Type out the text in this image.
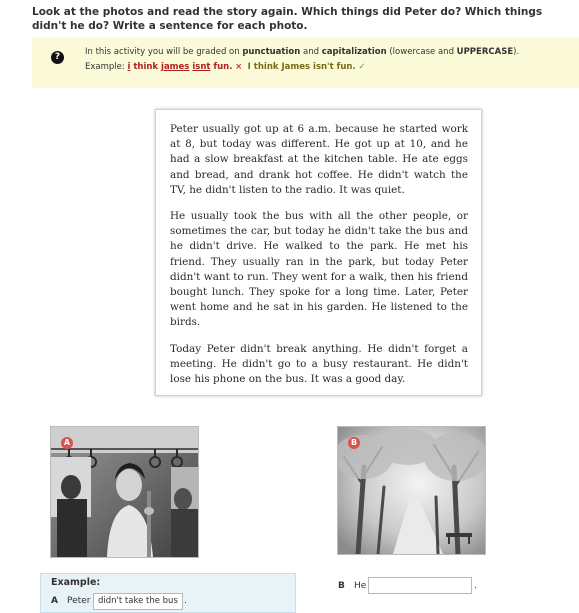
Look at the photos and read the story again. Which things did Peter do? Which things didn't he do? Write a sentence for each photo.
?	In this activity you will be graded on punctuation and capitalization (lowercase and UPPERCASE).
Example: i think james isnt fun. × I think James isn't fun. ✓

Peter usually got up at 6 a.m. because he started work at 8, but today was different. He got up at 10, and he had a slow breakfast at the kitchen table. He ate eggs and bread, and drank hot coffee. He didn't watch the TV, he didn't listen to the radio. It was quiet.

He usually took the bus with all the other people, or sometimes the car, but today he didn't take the bus and he didn't drive. He walked to the park. He met his friend. They usually ran in the park, but today Peter didn't want to run. They went for a walk, then his friend bought lunch. They spoke for a long time. Later, Peter went home and he sat in his garden. He listened to the birds.

Today Peter didn't break anything. He didn't forget a meeting. He didn't go to a busy restaurant. He didn't lose his phone on the bus. It was a good day.

A	B
Example:
A Peter didn't take the bus .
B He	.
